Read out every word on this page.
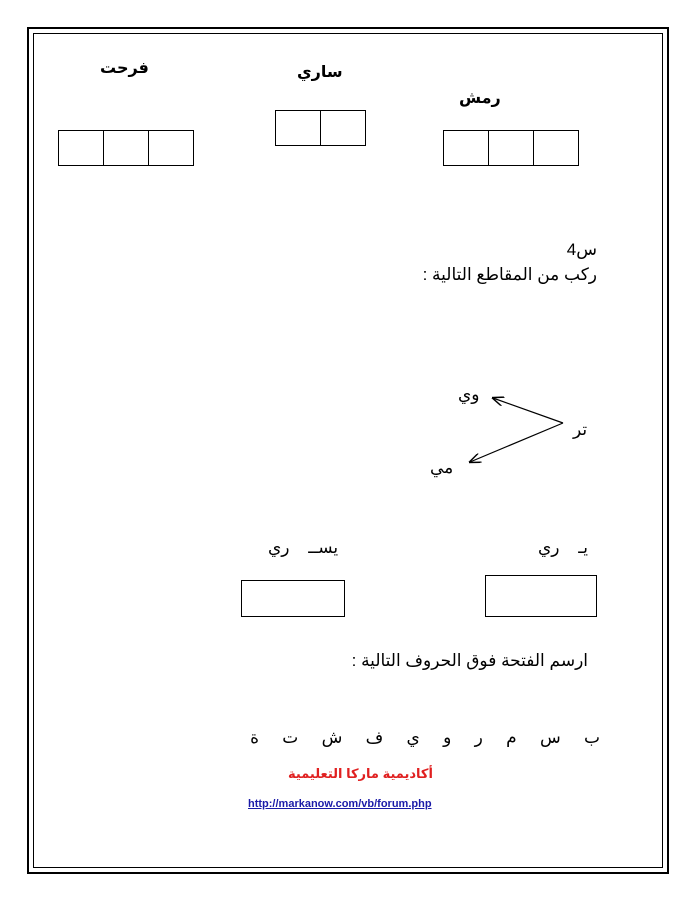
فرحت	ساري
رمش
س4
ركب من المقاطع التالية :
وي
مي
تر
يـ ري
يســ ري
ارسم الفتحة فوق الحروف التالية :
ب
س
م
ر
و
ي
ف
ش
ت
ة
أكاديمية ماركا التعليمية
http://markanow.com/vb/forum.php
